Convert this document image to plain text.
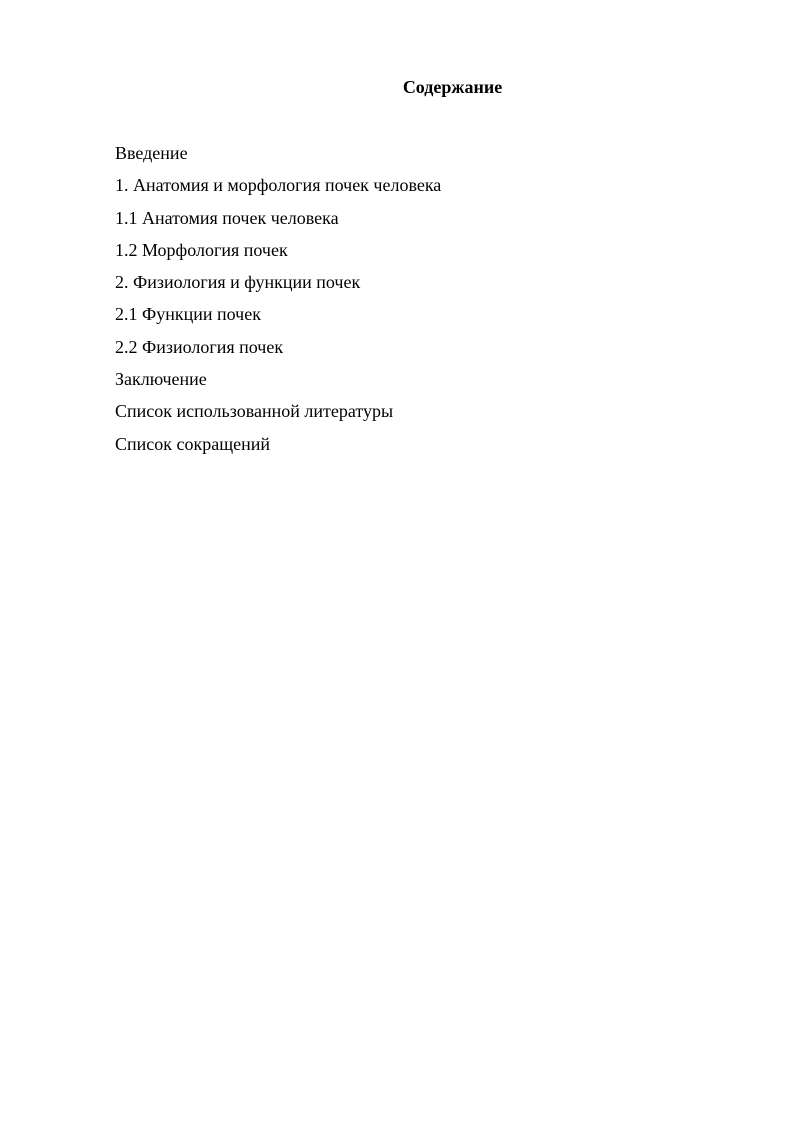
Содержание
Введение
1. Анатомия и морфология почек человека
1.1 Анатомия почек человека
1.2 Морфология почек
2. Физиология и функции почек
2.1 Функции почек
2.2 Физиология почек
Заключение
Список использованной литературы
Список сокращений
